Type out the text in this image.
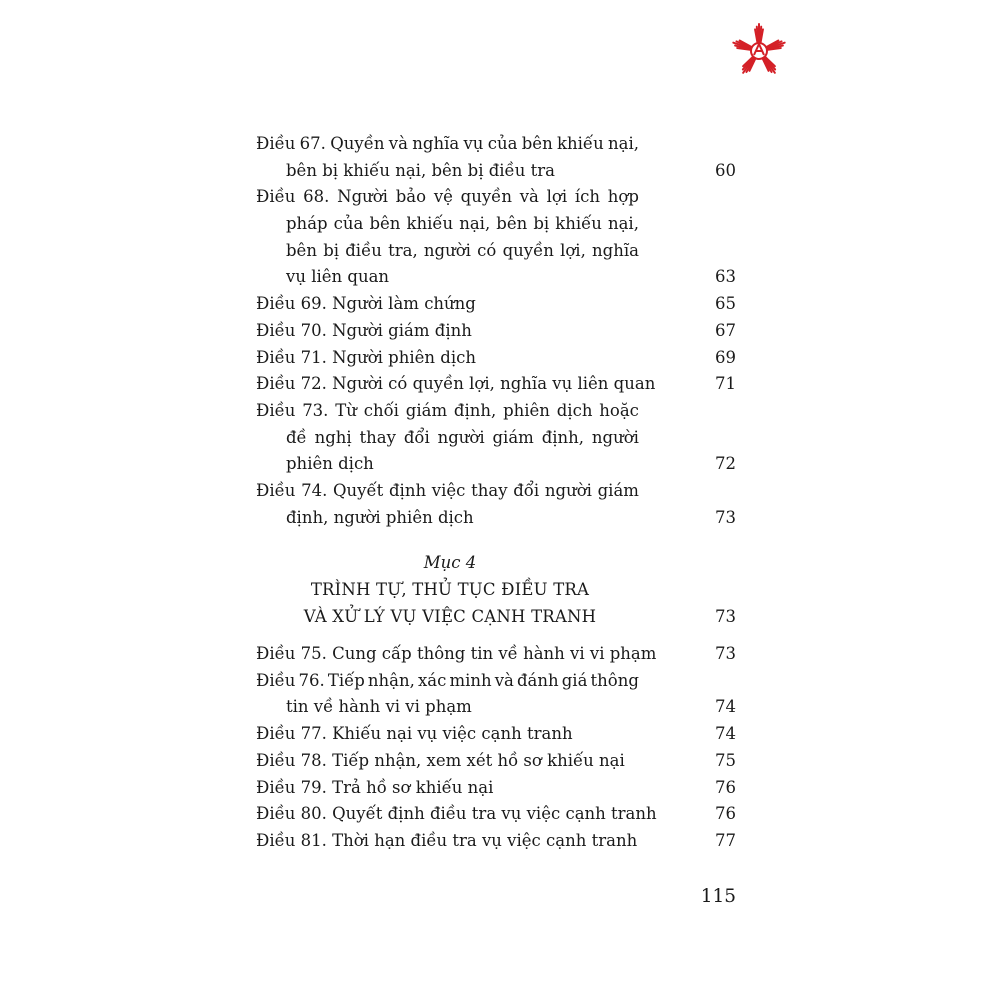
Điều 67. Quyền và nghĩa vụ của bên khiếu nại,
bên bị khiếu nại, bên bị điều tra	60
Điều 68. Người bảo vệ quyền và lợi ích hợp
pháp của bên khiếu nại, bên bị khiếu nại,
bên bị điều tra, người có quyền lợi, nghĩa
vụ liên quan	63
Điều 69. Người làm chứng	65
Điều 70. Người giám định	67
Điều 71. Người phiên dịch	69
Điều 72. Người có quyền lợi, nghĩa vụ liên quan	71
Điều 73. Từ chối giám định, phiên dịch hoặc
đề nghị thay đổi người giám định, người
phiên dịch	72
Điều 74. Quyết định việc thay đổi người giám
định, người phiên dịch	73
Mục 4
TRÌNH TỰ, THỦ TỤC ĐIỀU TRA
VÀ XỬ LÝ VỤ VIỆC CẠNH TRANH	73
Điều 75. Cung cấp thông tin về hành vi vi phạm	73
Điều 76. Tiếp nhận, xác minh và đánh giá thông
tin về hành vi vi phạm	74
Điều 77. Khiếu nại vụ việc cạnh tranh	74
Điều 78. Tiếp nhận, xem xét hồ sơ khiếu nại	75
Điều 79. Trả hồ sơ khiếu nại	76
Điều 80. Quyết định điều tra vụ việc cạnh tranh	76
Điều 81. Thời hạn điều tra vụ việc cạnh tranh	77
115
